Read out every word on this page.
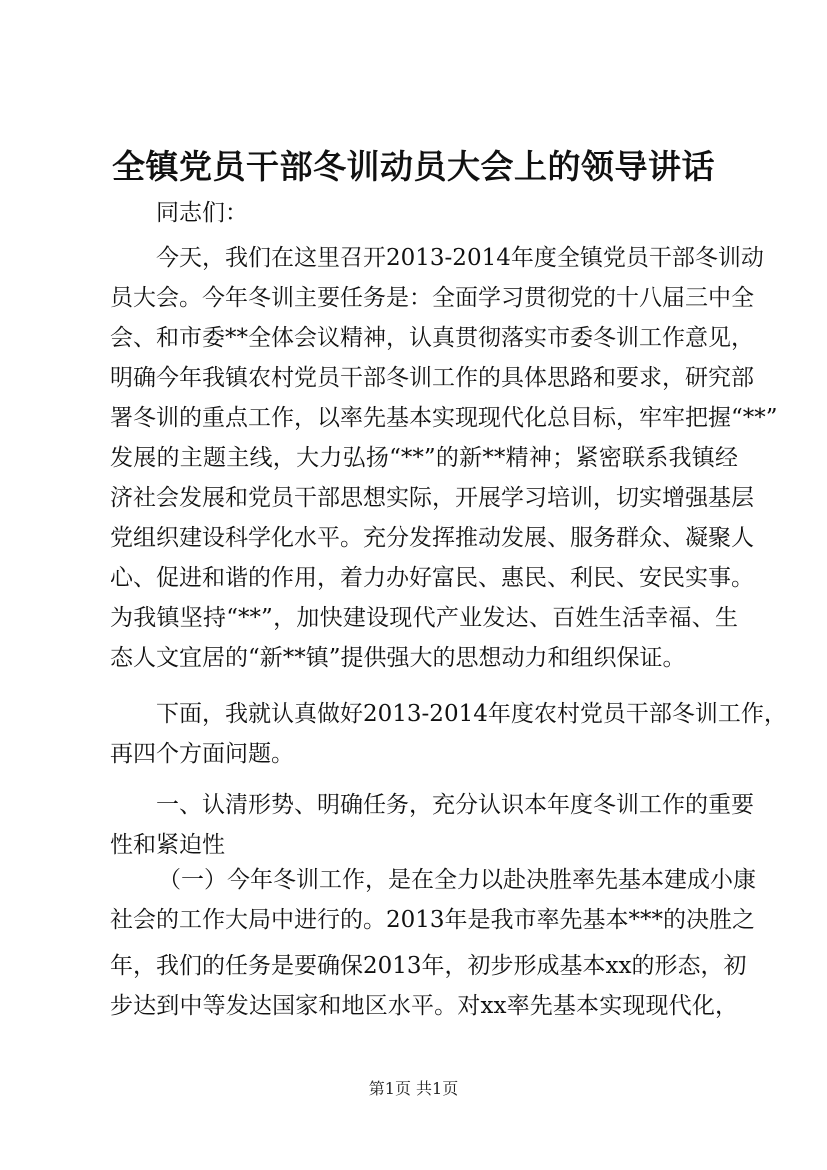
全镇党员干部冬训动员大会上的领导讲话
同志们：
今天，我们在这里召开2013-2014年度全镇党员干部冬训动
员大会。今年冬训主要任务是：全面学习贯彻党的十八届三中全
会、和市委**全体会议精神，认真贯彻落实市委冬训工作意见，
明确今年我镇农村党员干部冬训工作的具体思路和要求，研究部
署冬训的重点工作，以率先基本实现现代化总目标，牢牢把握“**”
发展的主题主线，大力弘扬“**”的新**精神；紧密联系我镇经
济社会发展和党员干部思想实际，开展学习培训，切实增强基层
党组织建设科学化水平。充分发挥推动发展、服务群众、凝聚人
心、促进和谐的作用，着力办好富民、惠民、利民、安民实事。
为我镇坚持“**”，加快建设现代产业发达、百姓生活幸福、生
态人文宜居的“新**镇”提供强大的思想动力和组织保证。
下面，我就认真做好2013-2014年度农村党员干部冬训工作，
再四个方面问题。
一、认清形势、明确任务，充分认识本年度冬训工作的重要
性和紧迫性
（一）今年冬训工作，是在全力以赴决胜率先基本建成小康
社会的工作大局中进行的。2013年是我市率先基本***的决胜之
年，我们的任务是要确保2013年，初步形成基本xx的形态，初
步达到中等发达国家和地区水平。对xx率先基本实现现代化，
第1页 共1页
